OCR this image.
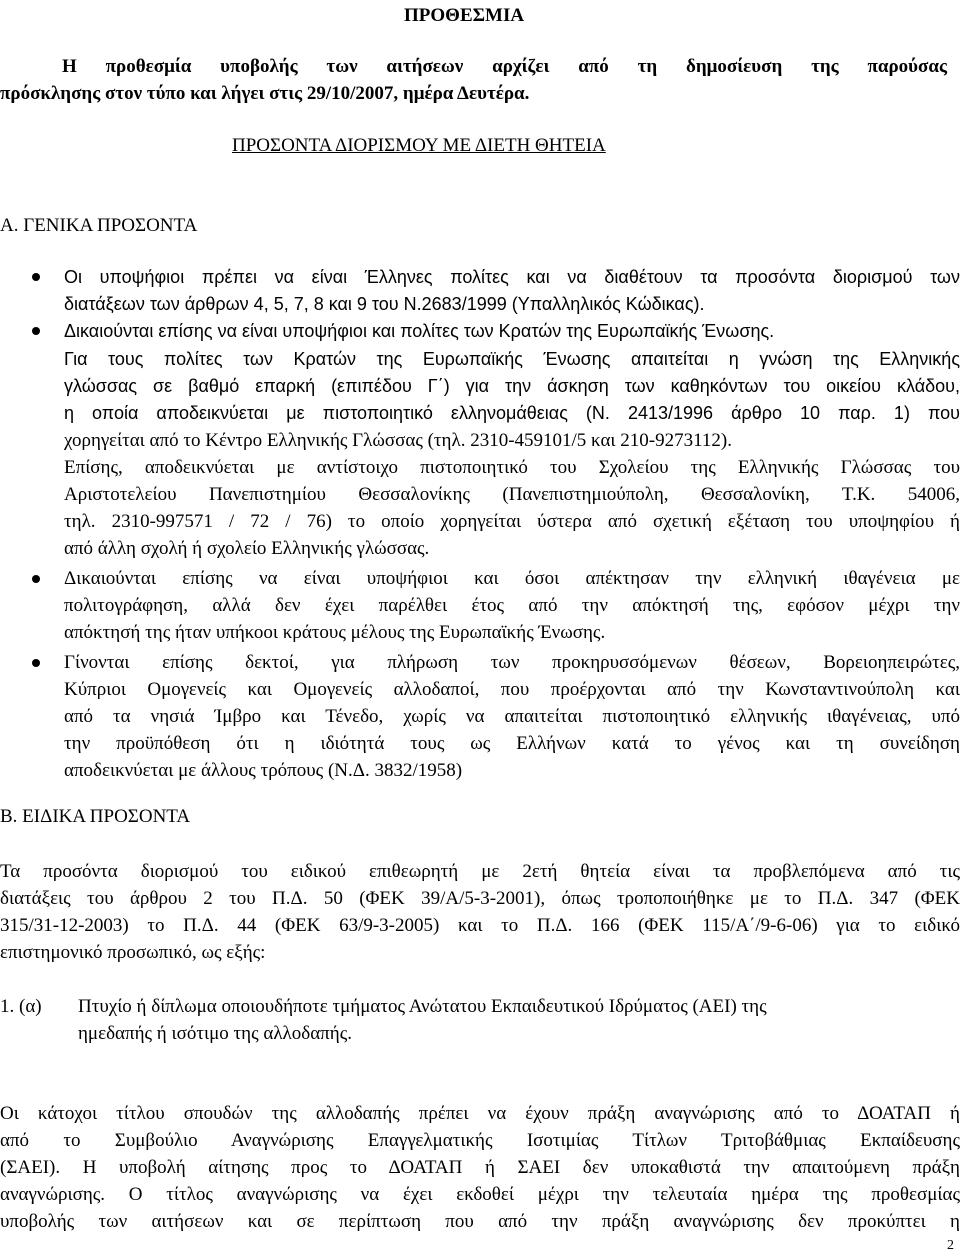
ΠΡΟΘΕΣΜΙΑ
Η προθεσμία υποβολής των αιτήσεων αρχίζει από τη δημοσίευση της παρούσας
πρόσκλησης στον τύπο και λήγει στις 29/10/2007, ημέρα Δευτέρα.
ΠΡΟΣΟΝΤΑ ΔΙΟΡΙΣΜΟΥ ΜΕ ΔΙΕΤΗ ΘΗΤΕΙΑ
Α. ΓΕΝΙΚΑ ΠΡΟΣΟΝΤΑ
Οι υποψήφιοι πρέπει να είναι Έλληνες πολίτες και να διαθέτουν τα προσόντα διορισμού των
διατάξεων των άρθρων 4, 5, 7, 8 και 9 του Ν.2683/1999 (Υπαλληλικός Κώδικας).
Δικαιούνται επίσης να είναι υποψήφιοι και πολίτες των Κρατών της Ευρωπαϊκής Ένωσης.
Για τους πολίτες των Κρατών της Ευρωπαϊκής Ένωσης απαιτείται η γνώση της Ελληνικής
γλώσσας σε βαθμό επαρκή (επιπέδου Γ΄) για την άσκηση των καθηκόντων του οικείου κλάδου,
η οποία αποδεικνύεται με πιστοποιητικό ελληνομάθειας (Ν. 2413/1996 άρθρο 10 παρ. 1) που
χορηγείται από το Κέντρο Ελληνικής Γλώσσας (τηλ. 2310-459101/5 και 210-9273112).
Επίσης, αποδεικνύεται με αντίστοιχο πιστοποιητικό του Σχολείου της Ελληνικής Γλώσσας του
Αριστοτελείου Πανεπιστημίου Θεσσαλονίκης (Πανεπιστημιούπολη, Θεσσαλονίκη, Τ.Κ. 54006,
τηλ. 2310-997571 / 72 / 76) το οποίο χορηγείται ύστερα από σχετική εξέταση του υποψηφίου ή
από άλλη σχολή ή σχολείο Ελληνικής γλώσσας.
Δικαιούνται επίσης να είναι υποψήφιοι και όσοι απέκτησαν την ελληνική ιθαγένεια με
πολιτογράφηση, αλλά δεν έχει παρέλθει έτος από την απόκτησή της, εφόσον μέχρι την
απόκτησή της ήταν υπήκοοι κράτους μέλους της Ευρωπαϊκής Ένωσης.
Γίνονται επίσης δεκτοί, για πλήρωση των προκηρυσσόμενων θέσεων, Βορειοηπειρώτες,
Κύπριοι Ομογενείς και Ομογενείς αλλοδαποί, που προέρχονται από την Κωνσταντινούπολη και
από τα νησιά Ίμβρο και Τένεδο, χωρίς να απαιτείται πιστοποιητικό ελληνικής ιθαγένειας, υπό
την προϋπόθεση ότι η ιδιότητά τους ως Ελλήνων κατά το γένος και τη συνείδηση
αποδεικνύεται με άλλους τρόπους (Ν.Δ. 3832/1958)
Β. ΕΙΔΙΚΑ ΠΡΟΣΟΝΤΑ
Τα προσόντα διορισμού του ειδικού επιθεωρητή με 2ετή θητεία είναι τα προβλεπόμενα από τις
διατάξεις του άρθρου 2 του Π.Δ. 50 (ΦΕΚ 39/Α/5-3-2001), όπως τροποποιήθηκε με το Π.Δ. 347 (ΦΕΚ
315/31-12-2003) το Π.Δ. 44 (ΦΕΚ 63/9-3-2005) και το Π.Δ. 166 (ΦΕΚ 115/Α΄/9-6-06) για το ειδικό
επιστημονικό προσωπικό, ως εξής:
1. (α) Πτυχίο ή δίπλωμα οποιουδήποτε τμήματος Ανώτατου Εκπαιδευτικού Ιδρύματος (ΑΕΙ) της
ημεδαπής ή ισότιμο της αλλοδαπής.
Οι κάτοχοι τίτλου σπουδών της αλλοδαπής πρέπει να έχουν πράξη αναγνώρισης από το ΔΟΑΤΑΠ ή
από το Συμβούλιο Αναγνώρισης Επαγγελματικής Ισοτιμίας Τίτλων Τριτοβάθμιας Εκπαίδευσης
(ΣΑΕΙ). Η υποβολή αίτησης προς το ΔΟΑΤΑΠ ή ΣΑΕΙ δεν υποκαθιστά την απαιτούμενη πράξη
αναγνώρισης. Ο τίτλος αναγνώρισης να έχει εκδοθεί μέχρι την τελευταία ημέρα της προθεσμίας
υποβολής των αιτήσεων και σε περίπτωση που από την πράξη αναγνώρισης δεν προκύπτει η
2
